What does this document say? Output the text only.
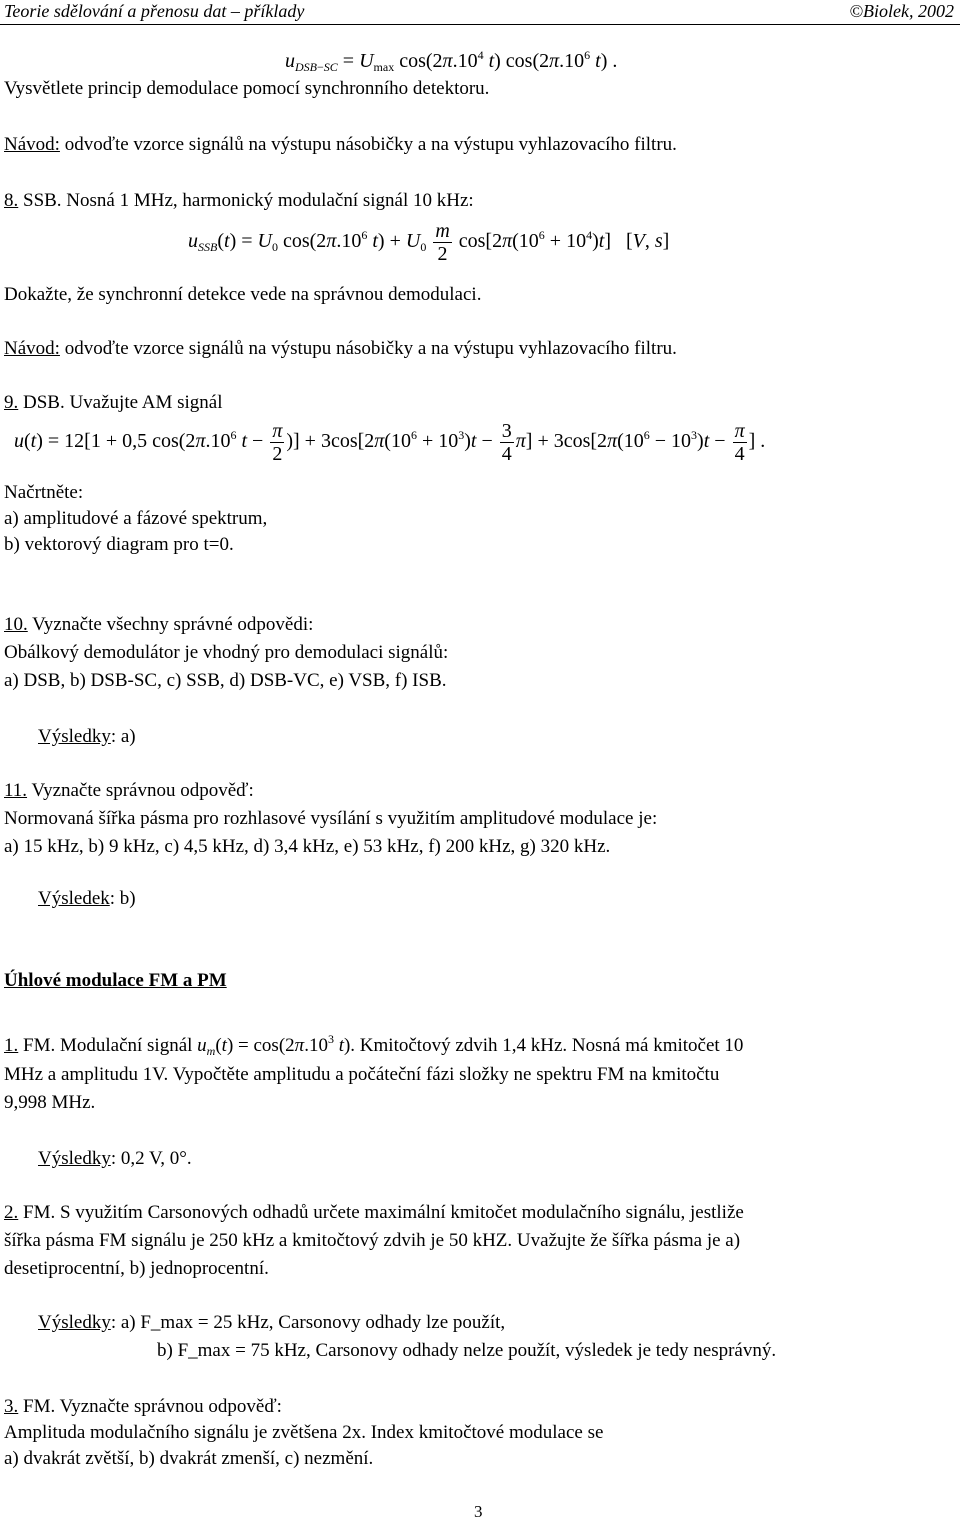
Teorie sdělování a přenosu dat – příklady	©Biolek, 2002
$u_{DSB-SC} = U_{max}$ $\cos(2\pi.10^4$ t) $\cos(2\pi.10^6$ t) .
Vysvětlete princip demodulace pomocí synchronního detektoru.
Návod: odvoďte vzorce signálů na výstupu násobičky a na výstupu vyhlazovacího filtru.
8. SSB. Nosná 1 MHz, harmonický modulační signál 10 kHz:
$u_{SSB}(t) = U_0$ $\cos(2\pi.10^6$ $t) + U_0 \frac{m}{2} \cos[2\pi(10^6 + 10^4)t]$   [V, s]
Dokažte, že synchronní detekce vede na správnou demodulaci.
Návod: odvoďte vzorce signálů na výstupu násobičky a na výstupu vyhlazovacího filtru.
9. DSB. Uvažujte AM signál
u(t) = 12[1 + 0,5 $\cos(2\pi.10^6$ $t - \frac{\pi}{2}$ )] + $3\cos[2\pi(10^6 + 10^3)t - \frac{3}{4} \pi] + 3\cos[2\pi(10^6 - 10^3)t - \frac{\pi}{4}$ ] .
Načrtněte:
a) amplitudové a fázové spektrum,
b) vektorový diagram pro t=0.
10. Vyznačte všechny správné odpovědi:
Obálkový demodulátor je vhodný pro demodulaci signálů:
a) DSB, b) DSB-SC, c) SSB, d) DSB-VC, e) VSB, f) ISB.
Výsledky: a)
11. Vyznačte správnou odpověď:
Normovaná šířka pásma pro rozhlasové vysílání s využitím amplitudové modulace je:
a) 15 kHz, b) 9 kHz, c) 4,5 kHz, d) 3,4 kHz, e) 53 kHz, f) 200 kHz, g) 320 kHz.
Výsledek: b)
Úhlové modulace FM a PM
1. FM. Modulační signál $u_m(t) = \cos(2\pi.10^3$ t). Kmitočtový zdvih 1,4 kHz. Nosná má kmitočet 10
MHz a amplitudu 1V. Vypočtěte amplitudu a počáteční fázi složky ne spektru FM na kmitočtu
9,998 MHz.
Výsledky: 0,2 V, 0°.
2. FM. S využitím Carsonových odhadů určete maximální kmitočet modulačního signálu, jestliže
šířka pásma FM signálu je 250 kHz a kmitočtový zdvih je 50 kHZ. Uvažujte že šířka pásma je a)
desetiprocentní, b) jednoprocentní.
Výsledky: a) F_max = 25 kHz, Carsonovy odhady lze použít,
b) F_max = 75 kHz, Carsonovy odhady nelze použít, výsledek je tedy nesprávný.
3. FM. Vyznačte správnou odpověď:
Amplituda modulačního signálu je zvětšena 2x. Index kmitočtové modulace se
a) dvakrát zvětší, b) dvakrát zmenší, c) nezmění.
3
